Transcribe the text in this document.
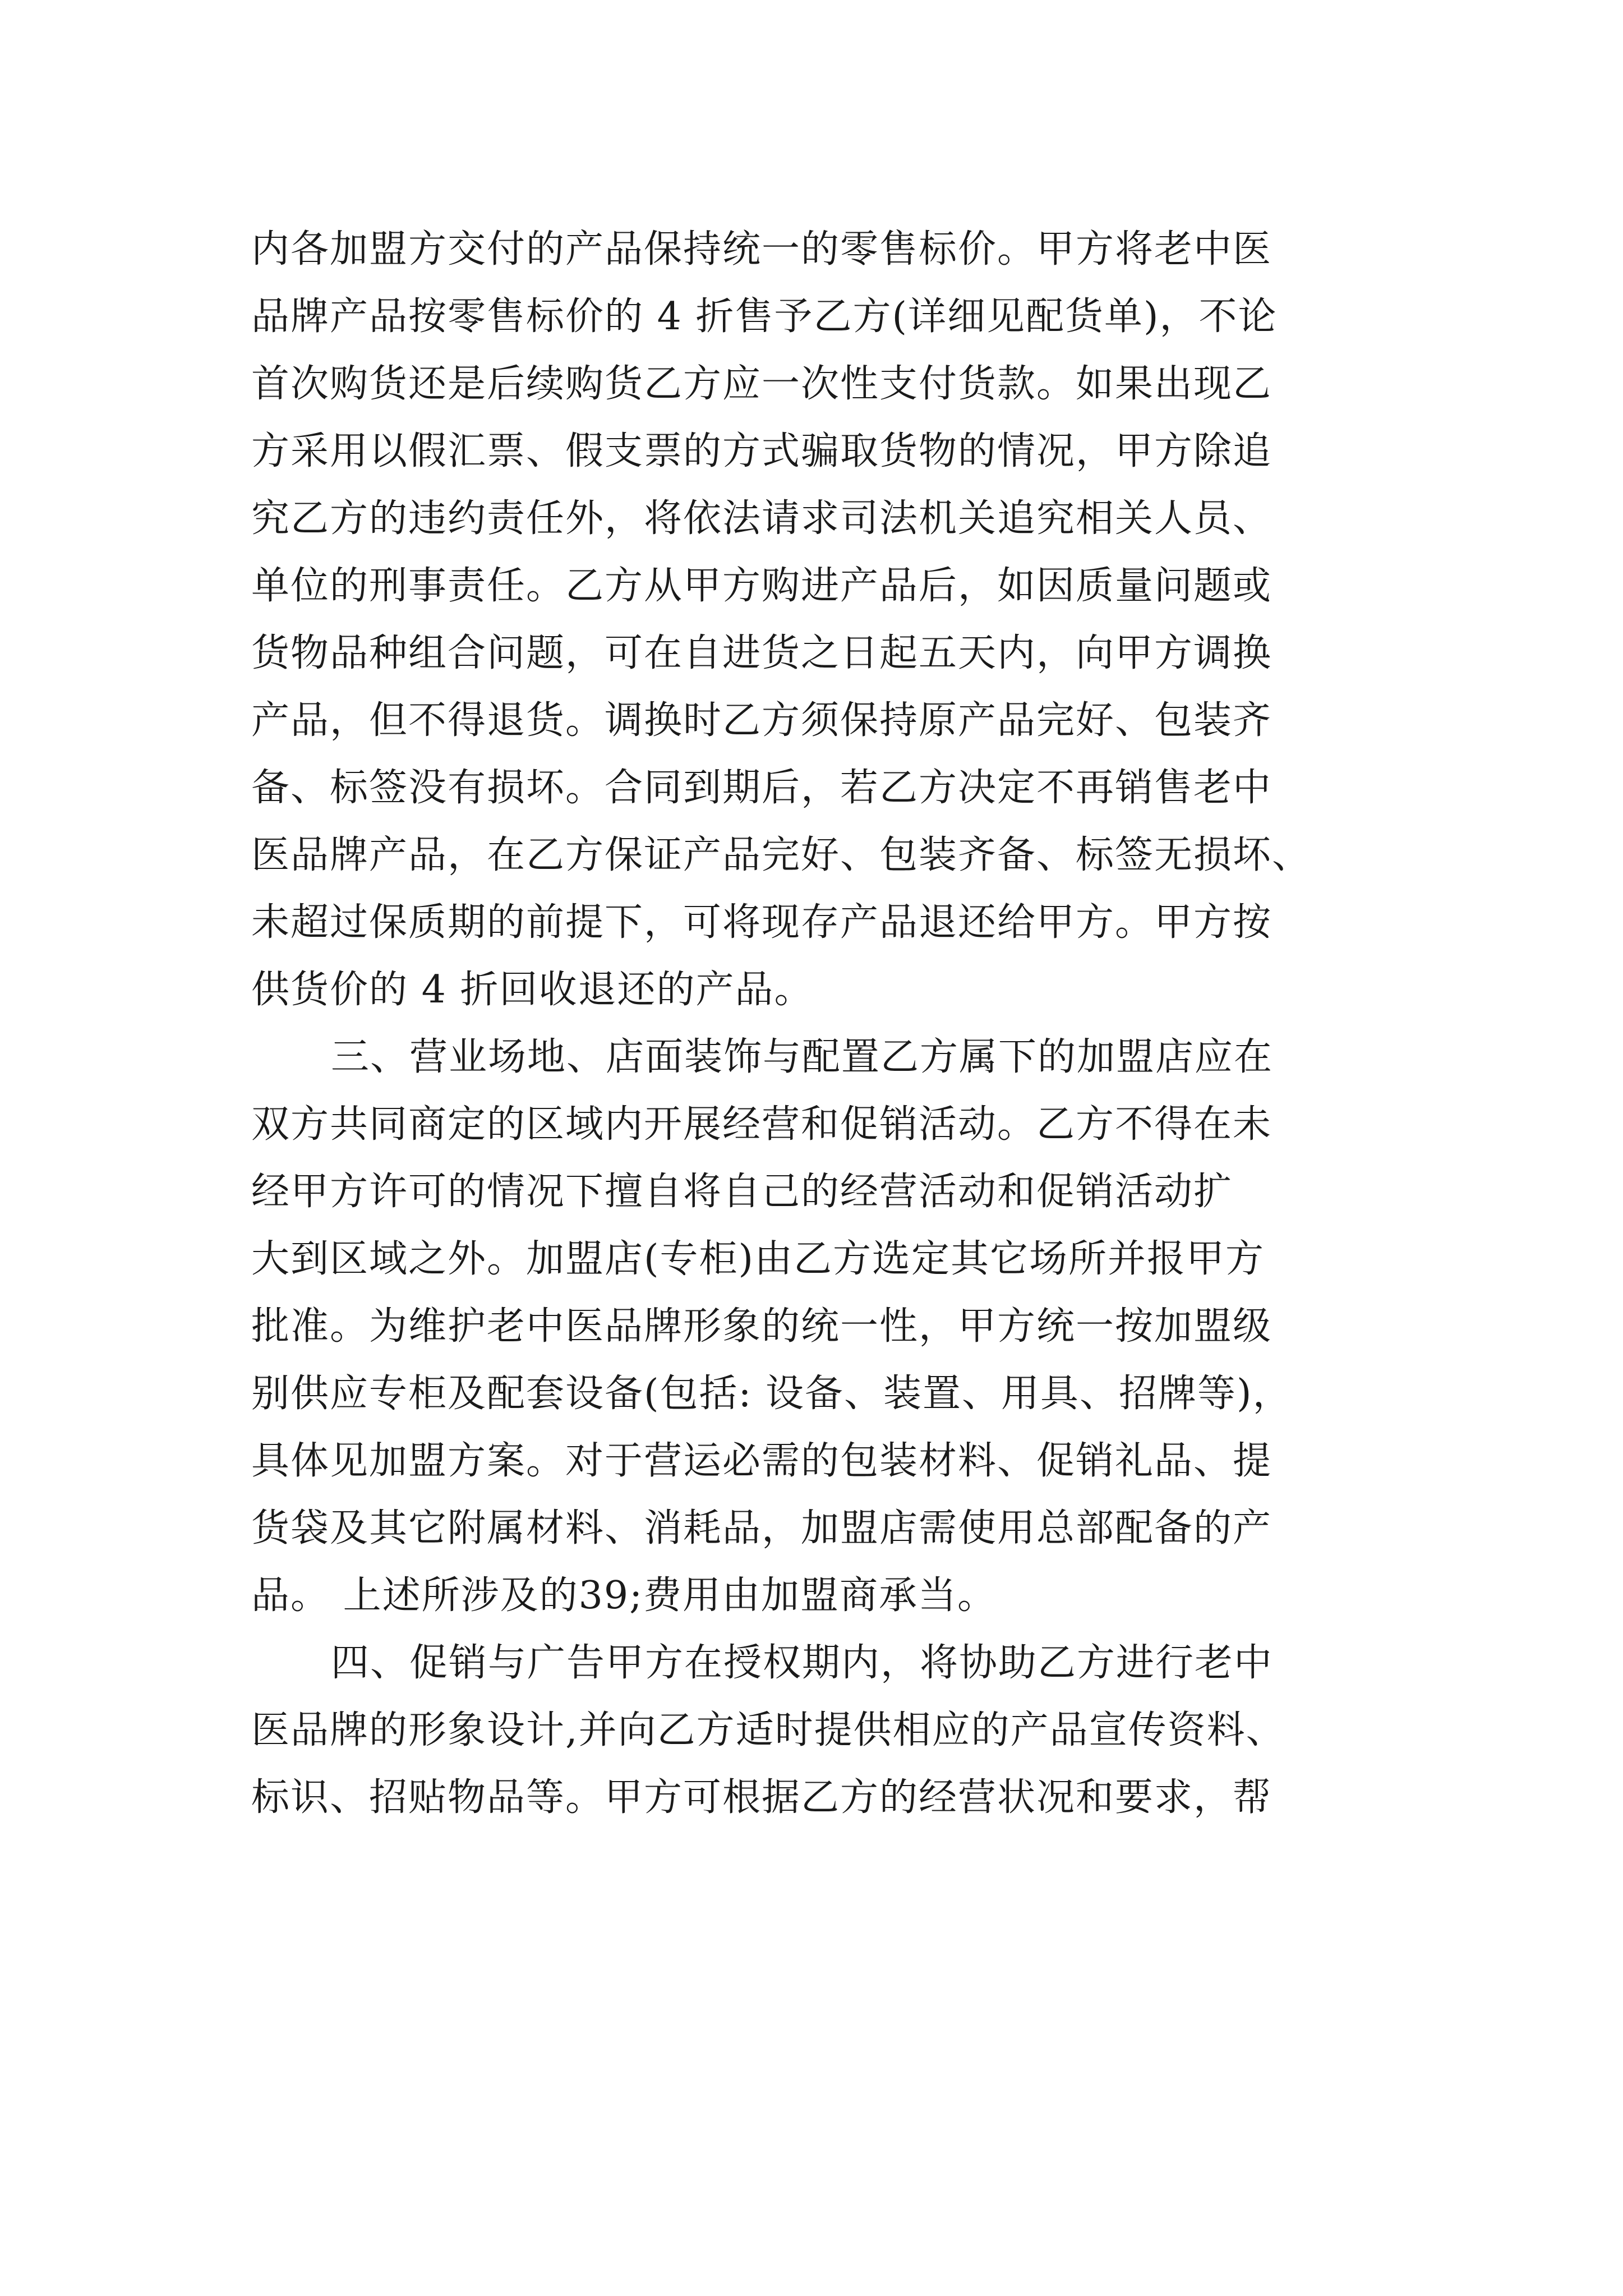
内各加盟方交付的产品保持统一的零售标价。甲方将老中医
品牌产品按零售标价的 4 折售予乙方(详细见配货单)，不论
首次购货还是后续购货乙方应一次性支付货款。如果出现乙
方采用以假汇票、假支票的方式骗取货物的情况，甲方除追
究乙方的违约责任外，将依法请求司法机关追究相关人员、
单位的刑事责任。乙方从甲方购进产品后，如因质量问题或
货物品种组合问题，可在自进货之日起五天内，向甲方调换
产品，但不得退货。调换时乙方须保持原产品完好、包装齐
备、标签没有损坏。合同到期后，若乙方决定不再销售老中
医品牌产品，在乙方保证产品完好、包装齐备、标签无损坏、
未超过保质期的前提下，可将现存产品退还给甲方。甲方按
供货价的 4 折回收退还的产品。
三、营业场地、店面装饰与配置乙方属下的加盟店应在
双方共同商定的区域内开展经营和促销活动。乙方不得在未
经甲方许可的情况下擅自将自己的经营活动和促销活动扩
大到区域之外。加盟店(专柜)由乙方选定其它场所并报甲方
批准。为维护老中医品牌形象的统一性，甲方统一按加盟级
别供应专柜及配套设备(包括: 设备、装置、用具、招牌等)，
具体见加盟方案。对于营运必需的包装材料、促销礼品、提
货袋及其它附属材料、消耗品，加盟店需使用总部配备的产
品。 上述所涉及的39;费用由加盟商承当。
四、促销与广告甲方在授权期内，将协助乙方进行老中
医品牌的形象设计,并向乙方适时提供相应的产品宣传资料、
标识、招贴物品等。甲方可根据乙方的经营状况和要求，帮
